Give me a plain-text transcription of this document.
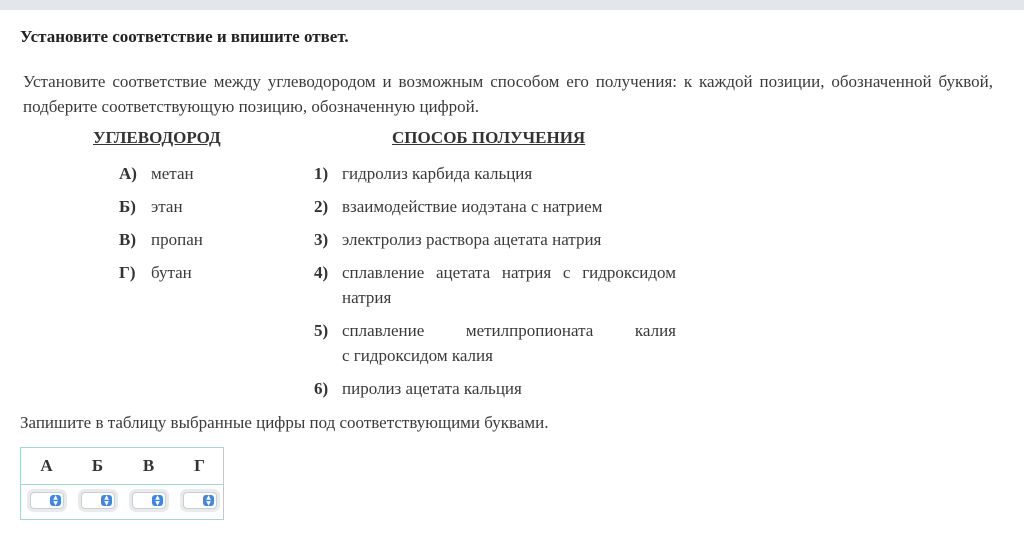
Установите соответствие и впишите ответ.
Установите соответствие между углеводородом и возможным способом его получения: к каждой позиции, обозначенной буквой, подберите соответствующую позицию, обозначенную цифрой.
УГЛЕВОДОРОД	СПОСОБ ПОЛУЧЕНИЯ
А) метан
Б) этан
В) пропан
Г) бутан
1) гидролиз карбида кальция
2) взаимодействие иодэтана с натрием
3) электролиз раствора ацетата натрия
4) сплавление ацетата натрия с гидроксидом
натрия
5) сплавление метилпропионата калия
с гидроксидом калия
6) пиролиз ацетата кальция
Запишите в таблицу выбранные цифры под соответствующими буквами.
А	Б	В	Г
▲
▼
▲
▼
▲
▼
▲
▼
